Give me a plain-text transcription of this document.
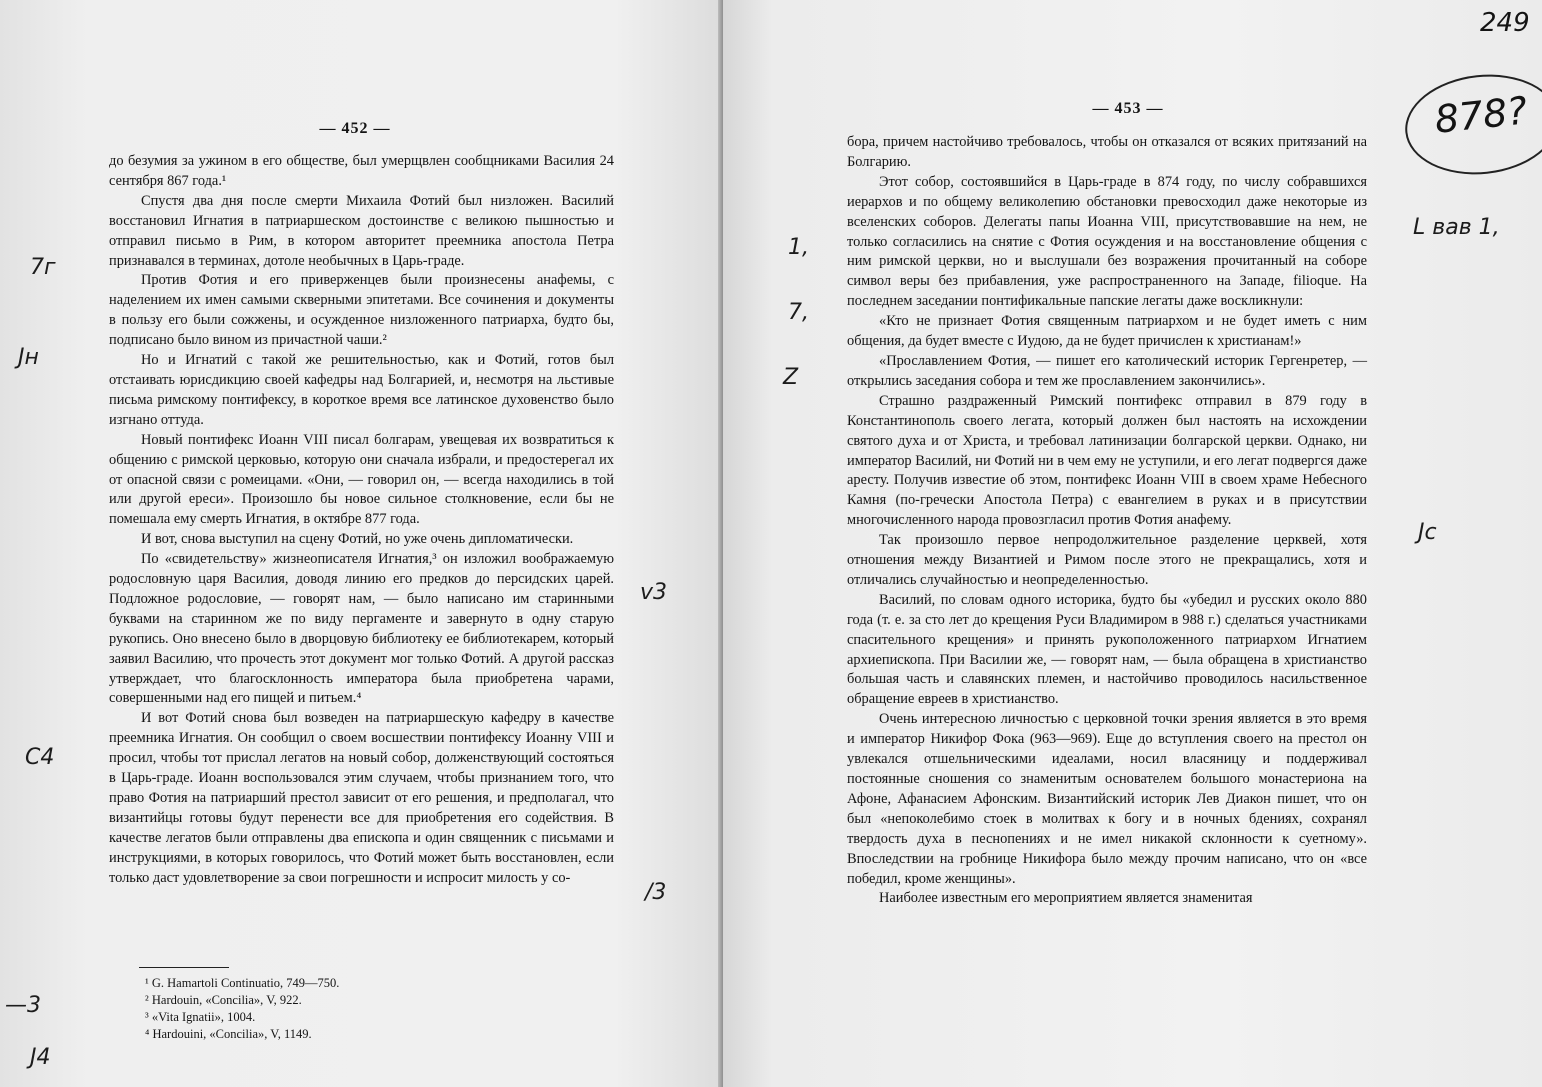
— 452 —

до безумия за ужином в его обществе, был умерщвлен сообщниками Василия 24 сентября 867 года.¹

Спустя два дня после смерти Михаила Фотий был низложен. Василий восстановил Игнатия в патриаршеском достоинстве с великою пышностью и отправил письмо в Рим, в котором авторитет преемника апостола Петра признавался в терминах, дотоле необычных в Царь-граде.

Против Фотия и его приверженцев были произнесены анафемы, с наделением их имен самыми скверными эпитетами. Все сочинения и документы в пользу его были сожжены, и осужденное низложенного патриарха, будто бы, подписано было вином из причастной чаши.²

Но и Игнатий с такой же решительностью, как и Фотий, готов был отстаивать юрисдикцию своей кафедры над Болгарией, и, несмотря на льстивые письма римскому понтифексу, в короткое время все латинское духовенство было изгнано оттуда.

Новый понтифекс Иоанн VIII писал болгарам, увещевая их возвратиться к общению с римской церковью, которую они сначала избрали, и предостерегал их от опасной связи с ромеицами. «Они, — говорил он, — всегда находились в той или другой ереси». Произошло бы новое сильное столкновение, если бы не помешала ему смерть Игнатия, в октябре 877 года.

И вот, снова выступил на сцену Фотий, но уже очень дипломатически.

По «свидетельству» жизнеописателя Игнатия,³ он изложил воображаемую родословную царя Василия, доводя линию его предков до персидских царей. Подложное родословие, — говорят нам, — было написано им старинными буквами на старинном же по виду пергаменте и завернуто в одну старую рукопись. Оно внесено было в дворцовую библиотеку ее библиотекарем, который заявил Василию, что прочесть этот документ мог только Фотий. А другой рассказ утверждает, что благосклонность императора была приобретена чарами, совершенными над его пищей и питьем.⁴

И вот Фотий снова был возведен на патриаршескую кафедру в качестве преемника Игнатия. Он сообщил о своем восшествии понтифексу Иоанну VIII и просил, чтобы тот прислал легатов на новый собор, долженствующий состояться в Царь-граде. Иоанн воспользовался этим случаем, чтобы признанием того, что право Фотия на патриарший престол зависит от его решения, и предполагал, что византийцы готовы будут перенести все для приобретения его содействия. В качестве легатов были отправлены два епископа и один священник с письмами и инструкциями, в которых говорилось, что Фотий может быть восстановлен, если только даст удовлетворение за свои погрешности и испросит милость у со-

¹ G. Hamartoli Continuatio, 749—750.
² Hardouin, «Concilia», V, 922.
³ «Vita Ignatii», 1004.
⁴ Hardouini, «Concilia», V, 1149.
7г
Jн
v3
С4
/3
—3
J4
— 453 —

бора, причем настойчиво требовалось, чтобы он отказался от всяких притязаний на Болгарию.

Этот собор, состоявшийся в Царь-граде в 874 году, по числу собравшихся иерархов и по общему великолепию обстановки превосходил даже некоторые из вселенских соборов. Делегаты папы Иоанна VIII, присутствовавшие на нем, не только согласились на снятие с Фотия осуждения и на восстановление общения с ним римской церкви, но и выслушали без возражения прочитанный на соборе символ веры без прибавления, уже распространенного на Западе, filioque. На последнем заседании понтификальные папские легаты даже воскликнули:

«Кто не признает Фотия священным патриархом и не будет иметь с ним общения, да будет вместе с Иудою, да не будет причислен к христианам!»

«Прославлением Фотия, — пишет его католический историк Гергенретер, — открылись заседания собора и тем же прославлением закончились».

Страшно раздраженный Римский понтифекс отправил в 879 году в Константинополь своего легата, который должен был настоять на исхождении святого духа и от Христа, и требовал латинизации болгарской церкви. Однако, ни император Василий, ни Фотий ни в чем ему не уступили, и его легат подвергся даже аресту. Получив известие об этом, понтифекс Иоанн VIII в своем храме Небесного Камня (по-гречески Апостола Петра) с евангелием в руках и в присутствии многочисленного народа провозгласил против Фотия анафему.

Так произошло первое непродолжительное разделение церквей, хотя отношения между Византией и Римом после этого не прекращались, хотя и отличались случайностью и неопределенностью.

Василий, по словам одного историка, будто бы «убедил и русских около 880 года (т. е. за сто лет до крещения Руси Владимиром в 988 г.) сделаться участниками спасительного крещения» и принять рукоположенного патриархом Игнатием архиепископа. При Василии же, — говорят нам, — была обращена в христианство большая часть и славянских племен, и настойчиво проводилось насильственное обращение евреев в христианство.

Очень интересною личностью с церковной точки зрения является в это время и император Никифор Фока (963—969). Еще до вступления своего на престол он увлекался отшельническими идеалами, носил власяницу и поддерживал постоянные сношения со знаменитым основателем большого монастериона на Афоне, Афанасием Афонским. Византийский историк Лев Диакон пишет, что он был «непоколебимо стоек в молитвах к богу и в ночных бдениях, сохранял твердость духа в песнопениях и не имел никакой склонности к суетному». Впоследствии на гробнице Никифора было между прочим написано, что он «все победил, кроме женщины».

Наиболее известным его мероприятием является знаменитая

1,
7,
Z
L вав 1,
Jc
249
878?
